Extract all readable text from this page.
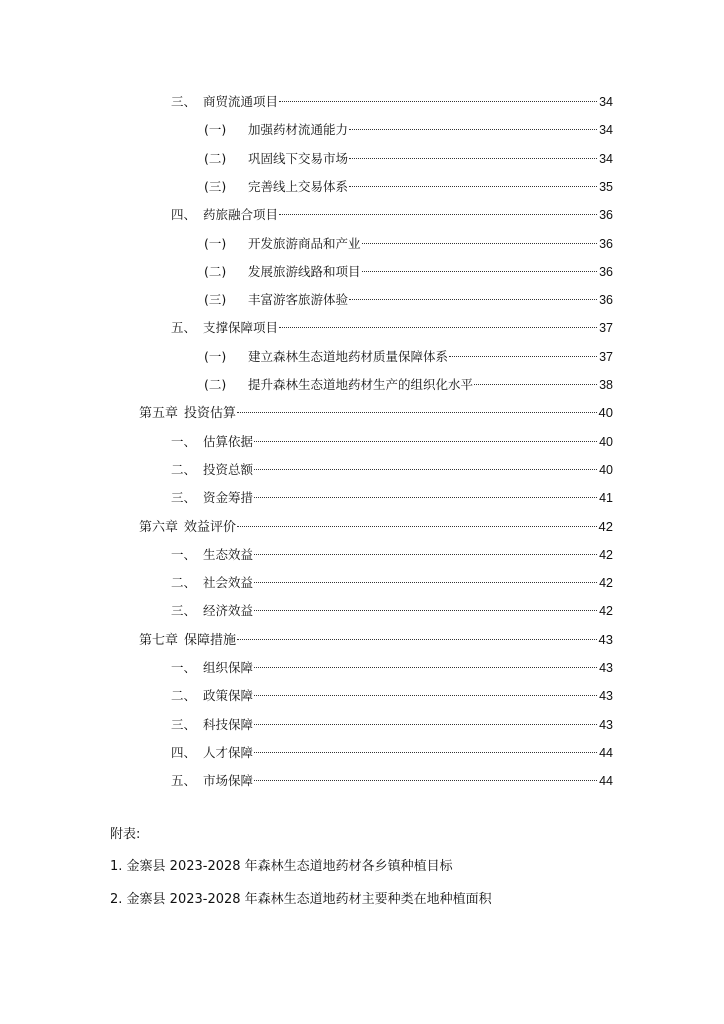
三、 商贸流通项目	34
(一)	加强药材流通能力	34
(二)	巩固线下交易市场	34
(三)	完善线上交易体系	35
四、 药旅融合项目	36
(一)	开发旅游商品和产业	36
(二)	发展旅游线路和项目	36
(三)	丰富游客旅游体验	36
五、 支撑保障项目	37
(一)	建立森林生态道地药材质量保障体系	37
(二)	提升森林生态道地药材生产的组织化水平	38
第五章 投资估算	40
一、 估算依据	40
二、 投资总额	40
三、 资金筹措	41
第六章 效益评价	42
一、 生态效益	42
二、 社会效益	42
三、 经济效益	42
第七章 保障措施	43
一、 组织保障	43
二、 政策保障	43
三、 科技保障	43
四、 人才保障	44
五、 市场保障	44
附表:
1. 金寨县 2023-2028 年森林生态道地药材各乡镇种植目标
2. 金寨县 2023-2028 年森林生态道地药材主要种类在地种植面积
